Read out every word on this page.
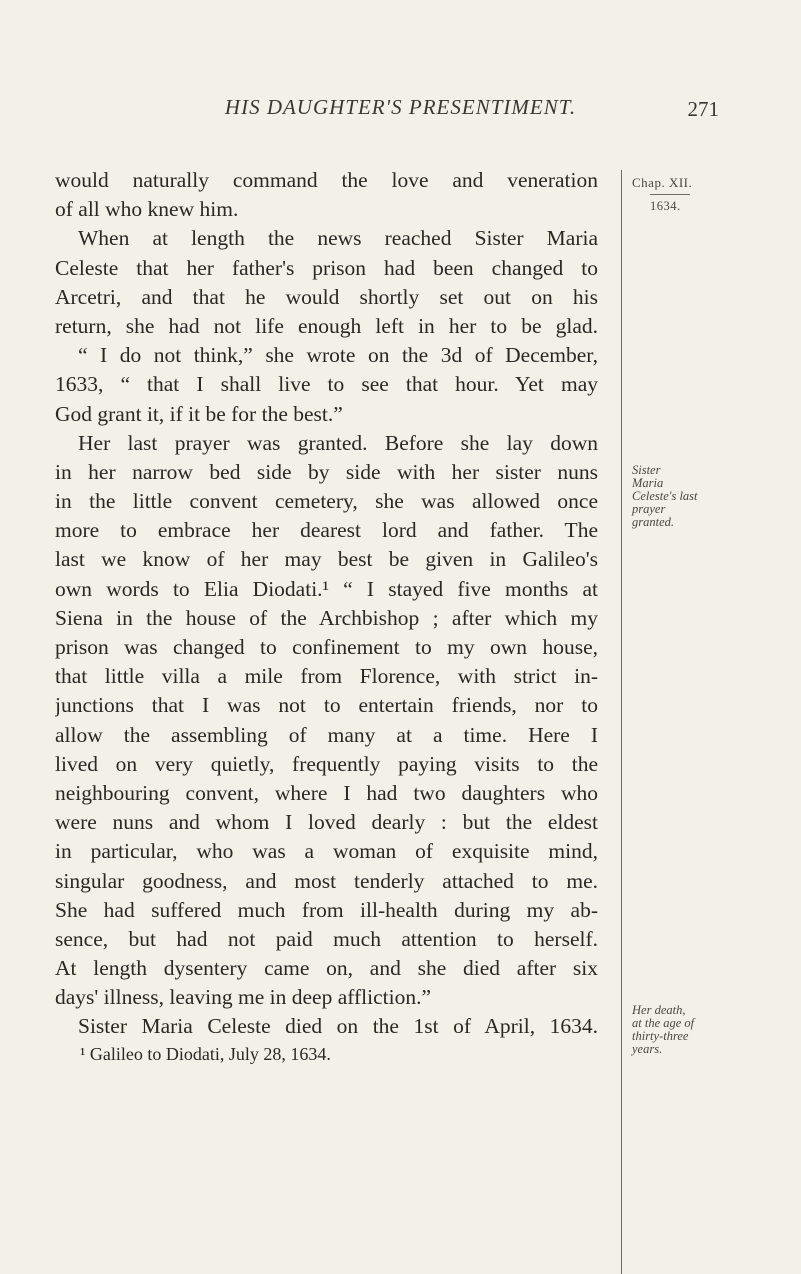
HIS DAUGHTER'S PRESENTIMENT.	271
would naturally command the love and veneration
of all who knew him.
When at length the news reached Sister Maria
Celeste that her father's prison had been changed to
Arcetri, and that he would shortly set out on his
return, she had not life enough left in her to be glad.
“ I do not think,” she wrote on the 3d of December,
1633, “ that I shall live to see that hour. Yet may
God grant it, if it be for the best.”
Her last prayer was granted. Before she lay down
in her narrow bed side by side with her sister nuns
in the little convent cemetery, she was allowed once
more to embrace her dearest lord and father. The
last we know of her may best be given in Galileo's
own words to Elia Diodati.¹ “ I stayed five months at
Siena in the house of the Archbishop ; after which my
prison was changed to confinement to my own house,
that little villa a mile from Florence, with strict in-
junctions that I was not to entertain friends, nor to
allow the assembling of many at a time. Here I
lived on very quietly, frequently paying visits to the
neighbouring convent, where I had two daughters who
were nuns and whom I loved dearly : but the eldest
in particular, who was a woman of exquisite mind,
singular goodness, and most tenderly attached to me.
She had suffered much from ill-health during my ab-
sence, but had not paid much attention to herself.
At length dysentery came on, and she died after six
days' illness, leaving me in deep affliction.”
Sister Maria Celeste died on the 1st of April, 1634.
¹ Galileo to Diodati, July 28, 1634.
Chap. XII.
1634.
Sister
Maria
Celeste's last
prayer
granted.
Her death,
at the age of
thirty-three
years.
